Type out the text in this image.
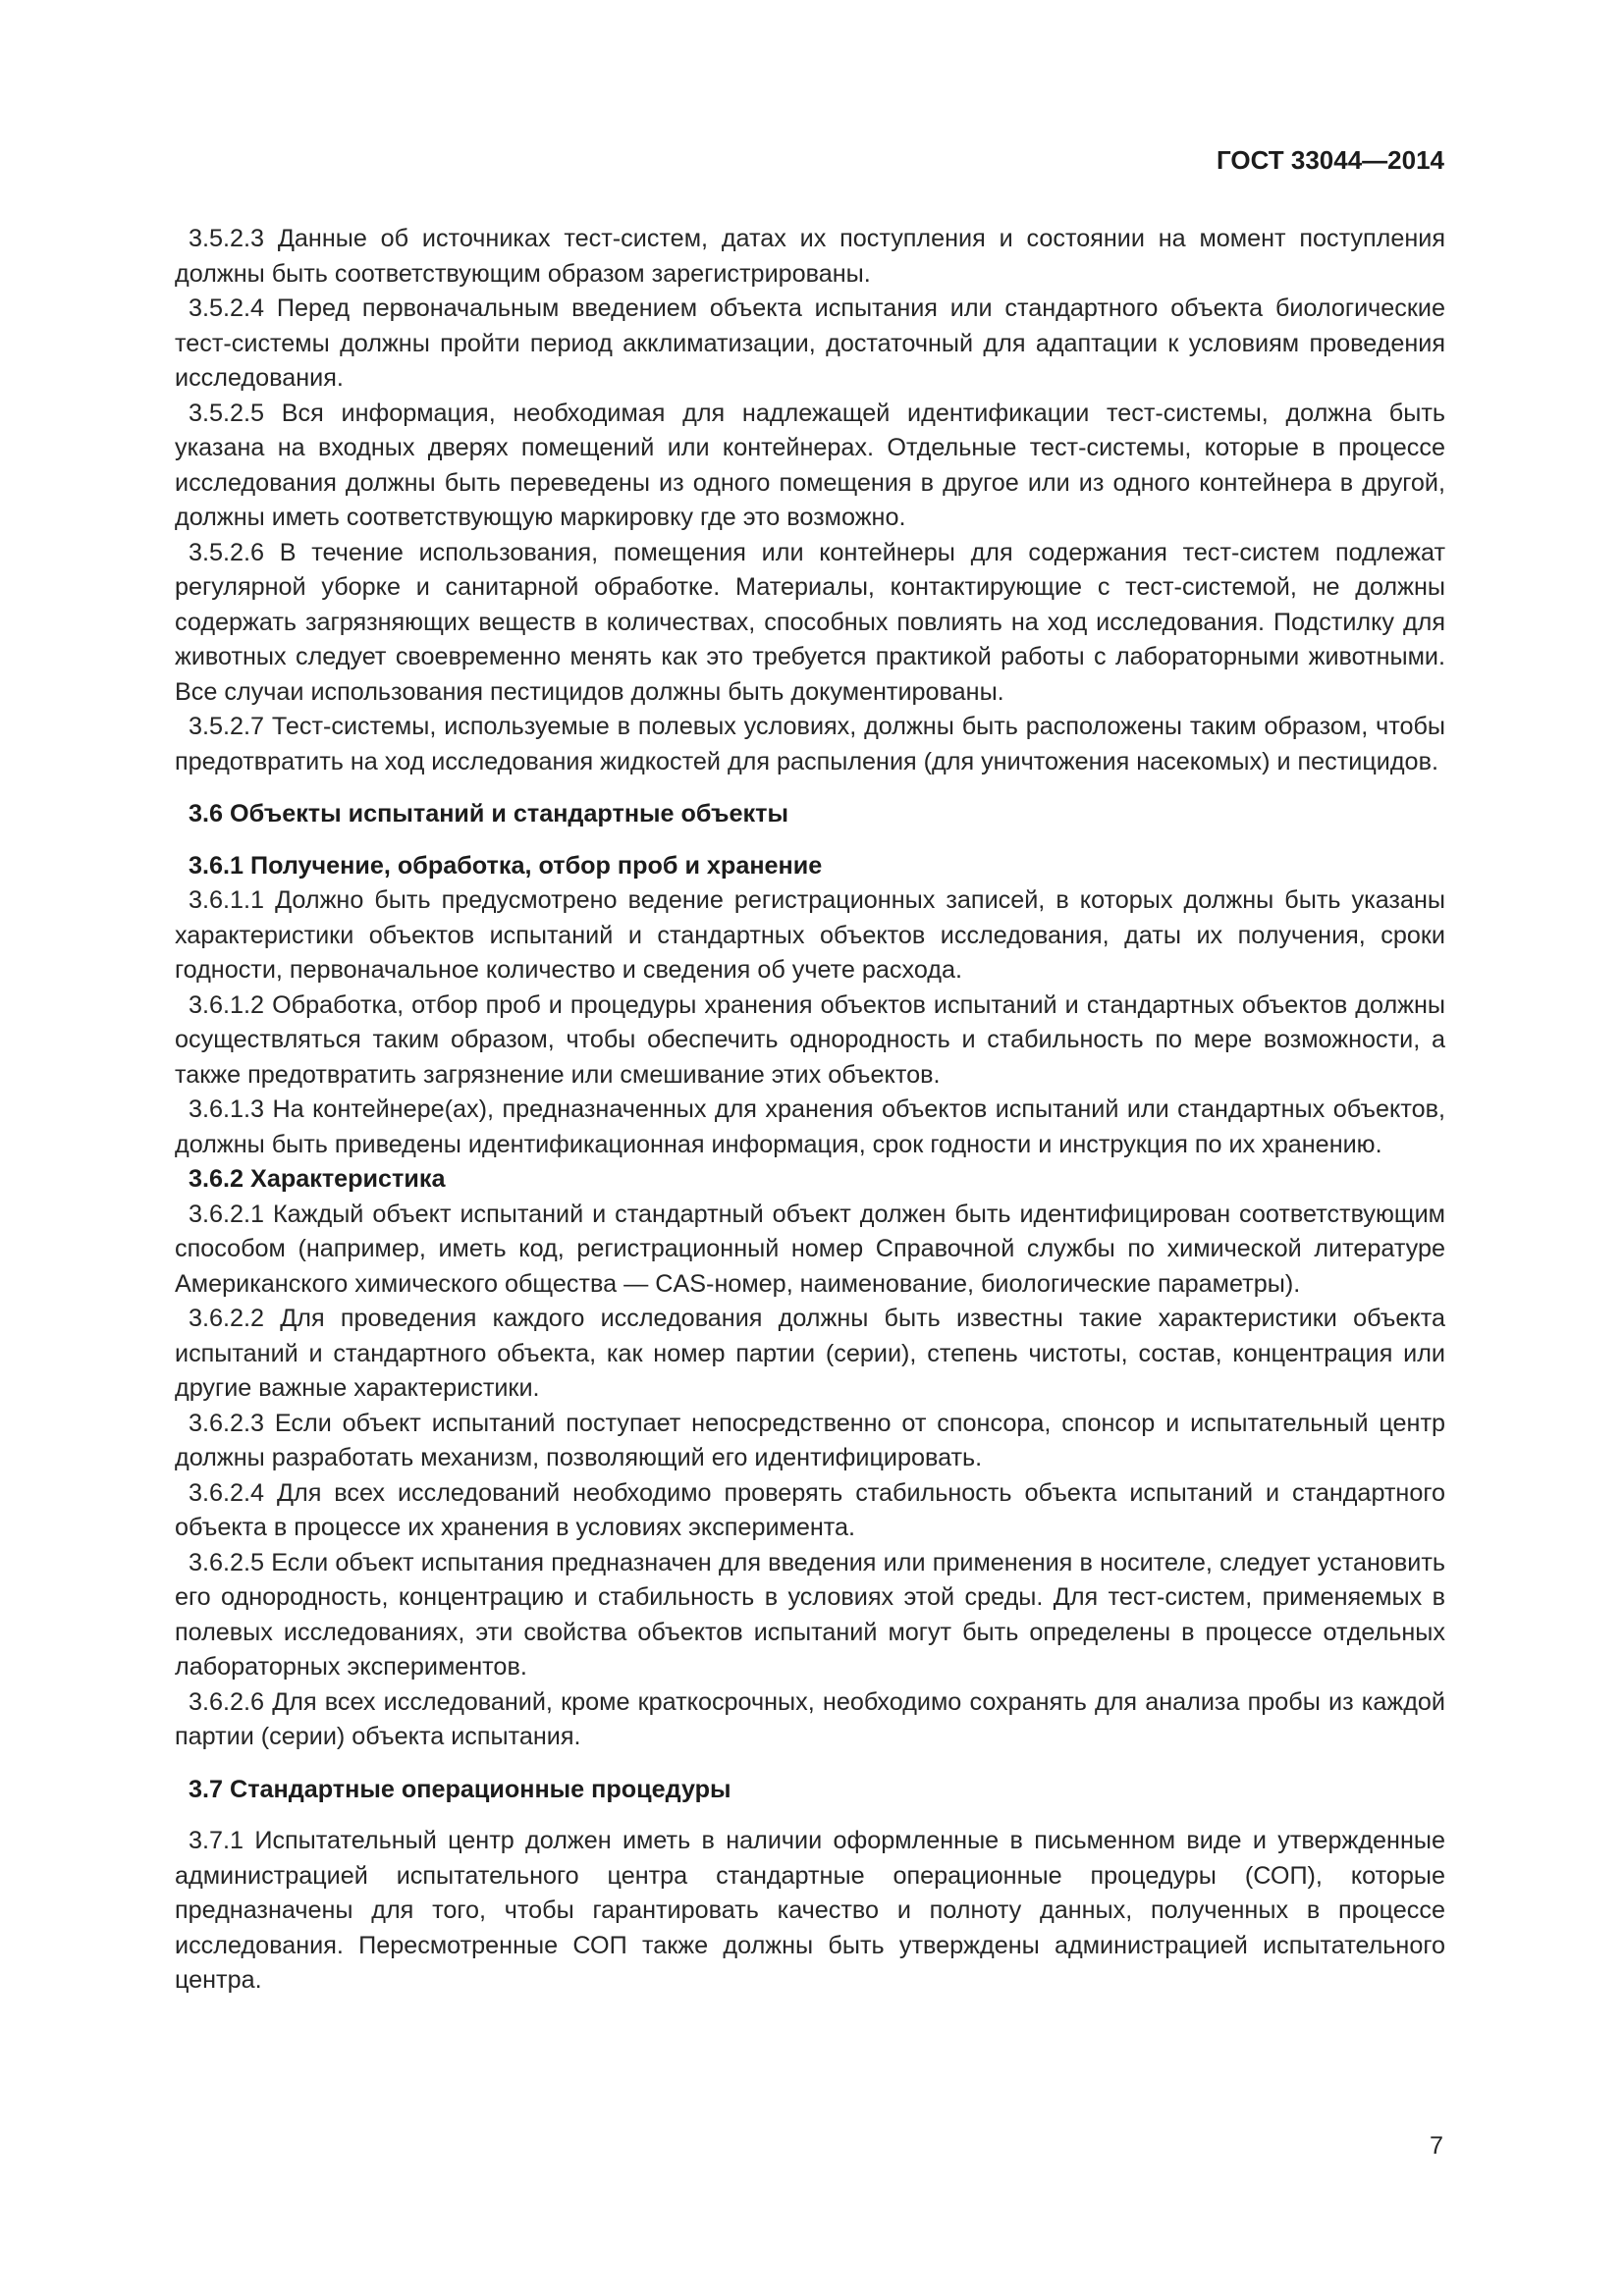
ГОСТ 33044—2014

3.5.2.3 Данные об источниках тест-систем, датах их поступления и состоянии на момент поступления должны быть соответствующим образом зарегистрированы.

3.5.2.4 Перед первоначальным введением объекта испытания или стандартного объекта биологические тест-системы должны пройти период акклиматизации, достаточный для адаптации к условиям проведения исследования.

3.5.2.5 Вся информация, необходимая для надлежащей идентификации тест-системы, должна быть указана на входных дверях помещений или контейнерах. Отдельные тест-системы, которые в процессе исследования должны быть переведены из одного помещения в другое или из одного контейнера в другой, должны иметь соответствующую маркировку где это возможно.

3.5.2.6 В течение использования, помещения или контейнеры для содержания тест-систем подлежат регулярной уборке и санитарной обработке. Материалы, контактирующие с тест-системой, не должны содержать загрязняющих веществ в количествах, способных повлиять на ход исследования. Подстилку для животных следует своевременно менять как это требуется практикой работы с лабораторными животными. Все случаи использования пестицидов должны быть документированы.

3.5.2.7 Тест-системы, используемые в полевых условиях, должны быть расположены таким образом, чтобы предотвратить на ход исследования жидкостей для распыления (для уничтожения насекомых) и пестицидов.

3.6 Объекты испытаний и стандартные объекты
3.6.1 Получение, обработка, отбор проб и хранение

3.6.1.1 Должно быть предусмотрено ведение регистрационных записей, в которых должны быть указаны характеристики объектов испытаний и стандартных объектов исследования, даты их получения, сроки годности, первоначальное количество и сведения об учете расхода.

3.6.1.2 Обработка, отбор проб и процедуры хранения объектов испытаний и стандартных объектов должны осуществляться таким образом, чтобы обеспечить однородность и стабильность по мере возможности, а также предотвратить загрязнение или смешивание этих объектов.

3.6.1.3 На контейнере(ах), предназначенных для хранения объектов испытаний или стандартных объектов, должны быть приведены идентификационная информация, срок годности и инструкция по их хранению.

3.6.2 Характеристика

3.6.2.1 Каждый объект испытаний и стандартный объект должен быть идентифицирован соответствующим способом (например, иметь код, регистрационный номер Справочной службы по химической литературе Американского химического общества — CAS-номер, наименование, биологические параметры).

3.6.2.2 Для проведения каждого исследования должны быть известны такие характеристики объекта испытаний и стандартного объекта, как номер партии (серии), степень чистоты, состав, концентрация или другие важные характеристики.

3.6.2.3 Если объект испытаний поступает непосредственно от спонсора, спонсор и испытательный центр должны разработать механизм, позволяющий его идентифицировать.

3.6.2.4 Для всех исследований необходимо проверять стабильность объекта испытаний и стандартного объекта в процессе их хранения в условиях эксперимента.

3.6.2.5 Если объект испытания предназначен для введения или применения в носителе, следует установить его однородность, концентрацию и стабильность в условиях этой среды. Для тест-систем, применяемых в полевых исследованиях, эти свойства объектов испытаний могут быть определены в процессе отдельных лабораторных экспериментов.

3.6.2.6 Для всех исследований, кроме краткосрочных, необходимо сохранять для анализа пробы из каждой партии (серии) объекта испытания.

3.7 Стандартные операционные процедуры

3.7.1 Испытательный центр должен иметь в наличии оформленные в письменном виде и утвержденные администрацией испытательного центра стандартные операционные процедуры (СОП), которые предназначены для того, чтобы гарантировать качество и полноту данных, полученных в процессе исследования. Пересмотренные СОП также должны быть утверждены администрацией испытательного центра.

7
